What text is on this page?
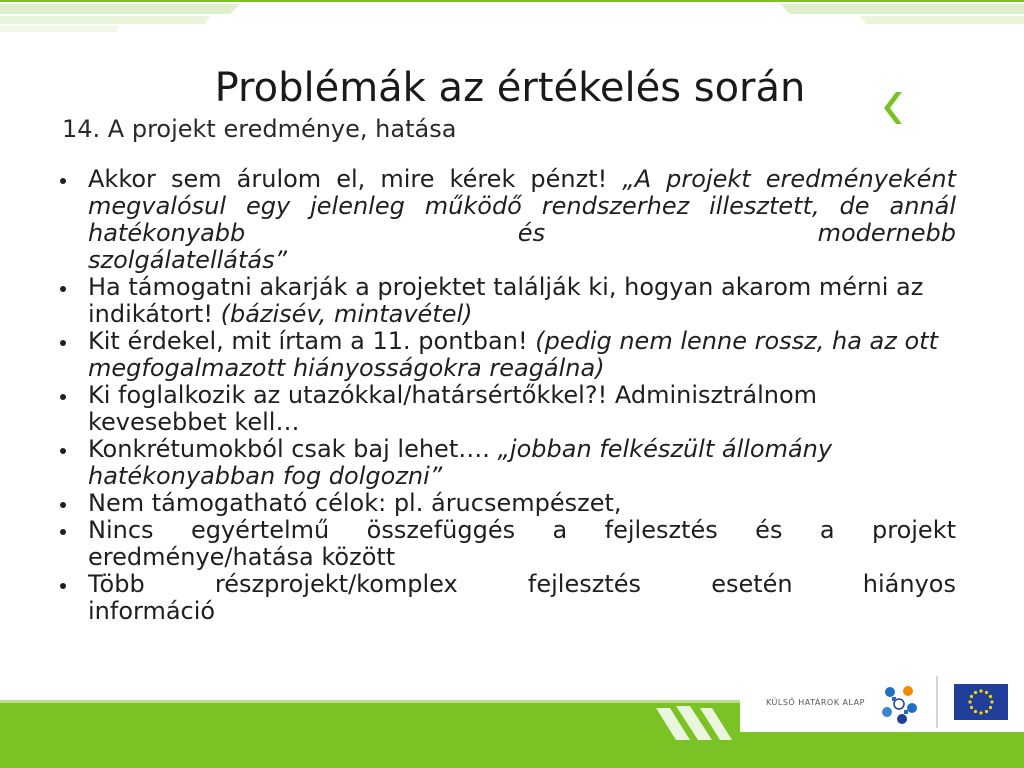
Problémák az értékelés során
14. A projekt eredménye, hatása
Akkor sem árulom el, mire kérek pénzt! „A projekt eredményeként megvalósul egy jelenleg működő rendszerhez illesztett, de annál hatékonyabb és modernebb
szolgálatellátás”
Ha támogatni akarják a projektet találják ki, hogyan akarom mérni az indikátort! (bázisév, mintavétel)
Kit érdekel, mit írtam a 11. pontban! (pedig nem lenne rossz, ha az ott megfogalmazott hiányosságokra reagálna)
Ki foglalkozik az utazókkal/határsértőkkel?! Adminisztrálnom kevesebbet kell…
Konkrétumokból csak baj lehet…. „jobban felkészült állomány hatékonyabban fog dolgozni”
Nem támogatható célok: pl. árucsempészet,
Nincs egyértelmű összefüggés a fejlesztés és a projekt
eredménye/hatása között
Több részprojekt/komplex fejlesztés esetén hiányos
információ
KÜLSŐ HATÁROK ALAP
